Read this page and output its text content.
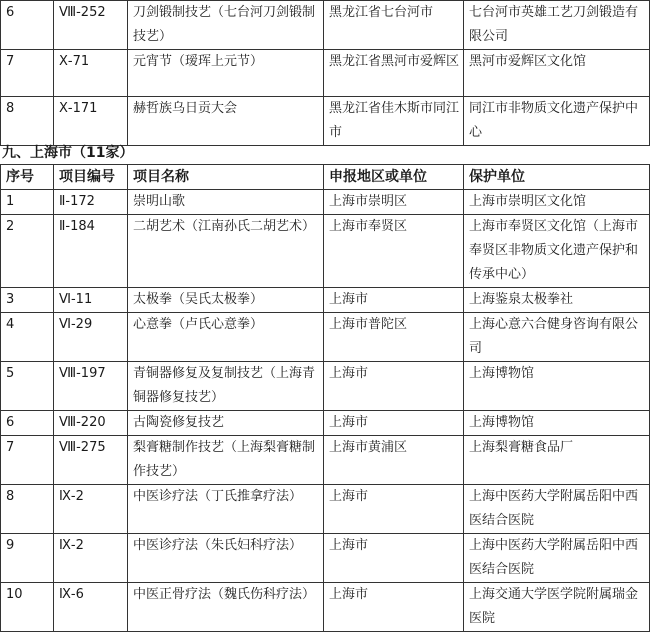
6	Ⅷ-252	刀剑锻制技艺（七台河刀剑锻制技艺）	黑龙江省七台河市	七台河市英雄工艺刀剑锻造有限公司
7	Ⅹ-71	元宵节（瑷珲上元节）	黑龙江省黑河市爱辉区	黑河市爱辉区文化馆
8	Ⅹ-171	赫哲族乌日贡大会	黑龙江省佳木斯市同江市	同江市非物质文化遗产保护中心
九、上海市（11家）
序号	项目编号	项目名称	申报地区或单位	保护单位
1	Ⅱ-172	崇明山歌	上海市崇明区	上海市崇明区文化馆
2	Ⅱ-184	二胡艺术（江南孙氏二胡艺术）	上海市奉贤区	上海市奉贤区文化馆（上海市奉贤区非物质文化遗产保护和传承中心）
3	Ⅵ-11	太极拳（吴氏太极拳）	上海市	上海鉴泉太极拳社
4	Ⅵ-29	心意拳（卢氏心意拳）	上海市普陀区	上海心意六合健身咨询有限公司
5	Ⅷ-197	青铜器修复及复制技艺（上海青铜器修复技艺）	上海市	上海博物馆
6	Ⅷ-220	古陶瓷修复技艺	上海市	上海博物馆
7	Ⅷ-275	梨膏糖制作技艺（上海梨膏糖制作技艺）	上海市黄浦区	上海梨膏糖食品厂
8	Ⅸ-2	中医诊疗法（丁氏推拿疗法）	上海市	上海中医药大学附属岳阳中西医结合医院
9	Ⅸ-2	中医诊疗法（朱氏妇科疗法）	上海市	上海中医药大学附属岳阳中西医结合医院
10	Ⅸ-6	中医正骨疗法（魏氏伤科疗法）	上海市	上海交通大学医学院附属瑞金医院
